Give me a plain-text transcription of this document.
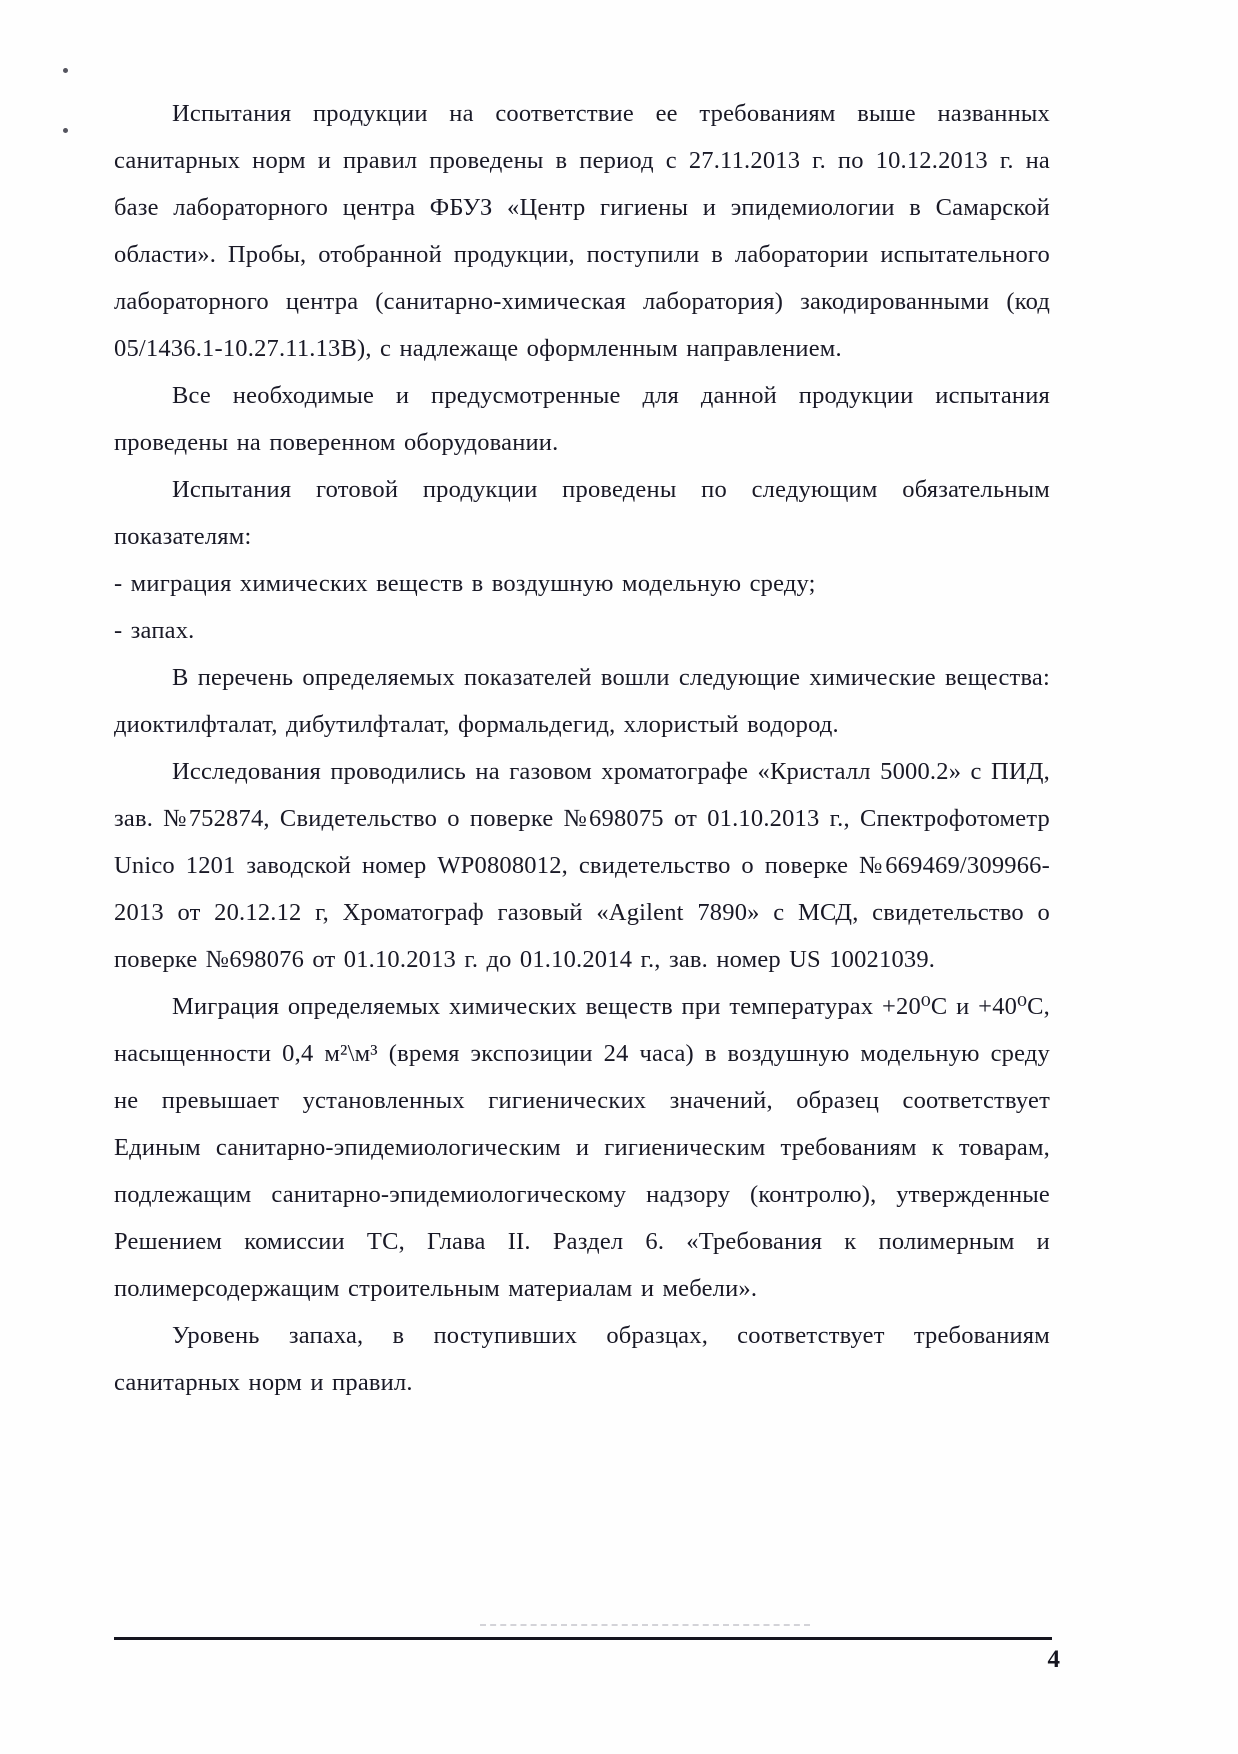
Испытания продукции на соответствие ее требованиям выше названных санитарных норм и правил проведены в период с 27.11.2013 г. по 10.12.2013 г. на базе лабораторного центра ФБУЗ «Центр гигиены и эпидемиологии в Самарской области». Пробы, отобранной продукции, поступили в лаборатории испытательного лабораторного центра (санитарно-химическая лаборатория) закодированными (код 05/1436.1-10.27.11.13В), с надлежаще оформленным направлением.

Все необходимые и предусмотренные для данной продукции испытания проведены на поверенном оборудовании.

Испытания готовой продукции проведены по следующим обязательным показателям:

- миграция химических веществ в воздушную модельную среду;

- запах.

В перечень определяемых показателей вошли следующие химические вещества: диоктилфталат, дибутилфталат, формальдегид, хлористый водород.

Исследования проводились на газовом хроматографе «Кристалл 5000.2» с ПИД, зав. №752874, Свидетельство о поверке №698075 от 01.10.2013 г., Спектрофотометр Unico 1201 заводской номер WP0808012, свидетельство о поверке №669469/309966-2013 от 20.12.12 г, Хроматограф газовый «Agilent 7890» с МСД, свидетельство о поверке №698076 от 01.10.2013 г. до 01.10.2014 г., зав. номер US 10021039.

Миграция определяемых химических веществ при температурах +20⁰С и +40⁰С, насыщенности 0,4 м²\м³ (время экспозиции 24 часа) в воздушную модельную среду не превышает установленных гигиенических значений, образец соответствует Единым санитарно-эпидемиологическим и гигиеническим требованиям к товарам, подлежащим санитарно-эпидемиологическому надзору (контролю), утвержденные Решением комиссии ТС, Глава II. Раздел 6. «Требования к полимерным и полимерсодержащим строительным материалам и мебели».

Уровень запаха, в поступивших образцах, соответствует требованиям санитарных норм и правил.

4
